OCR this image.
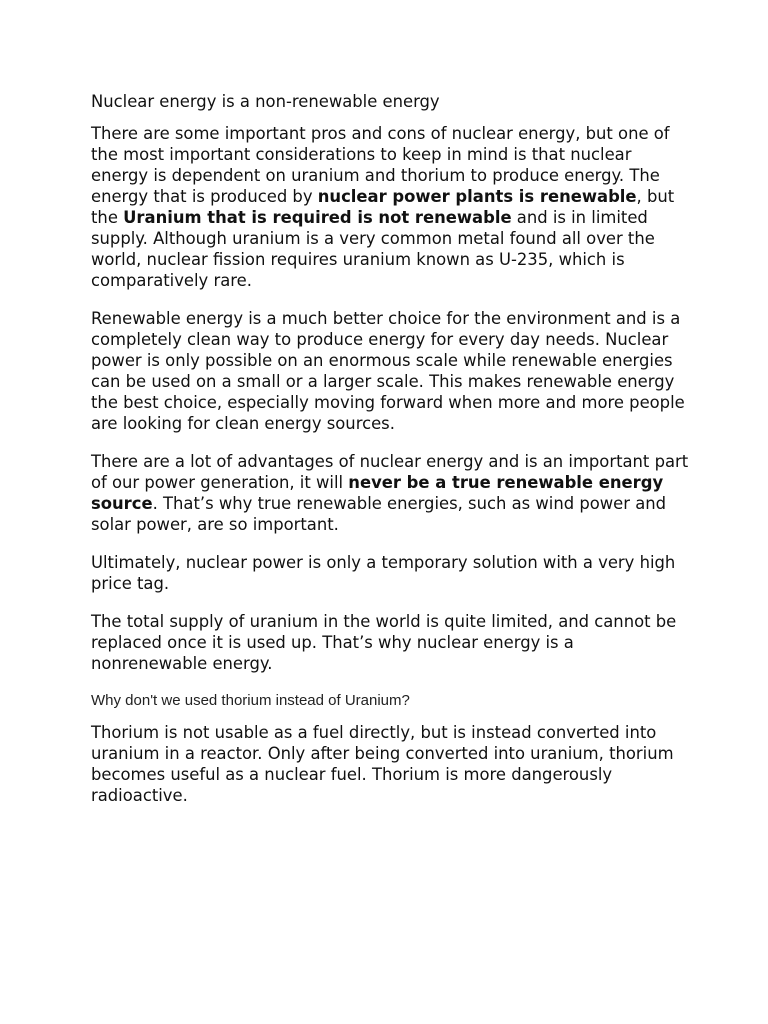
Nuclear energy is a non-renewable energy

There are some important pros and cons of nuclear energy, but one of the most important considerations to keep in mind is that nuclear energy is dependent on uranium and thorium to produce energy. The energy that is produced by nuclear power plants is renewable, but the Uranium that is required is not renewable and is in limited supply. Although uranium is a very common metal found all over the world, nuclear fission requires uranium known as U-235, which is comparatively rare.

Renewable energy is a much better choice for the environment and is a completely clean way to produce energy for every day needs. Nuclear power is only possible on an enormous scale while renewable energies can be used on a small or a larger scale. This makes renewable energy the best choice, especially moving forward when more and more people are looking for clean energy sources.

There are a lot of advantages of nuclear energy and is an important part of our power generation, it will never be a true renewable energy source. That’s why true renewable energies, such as wind power and solar power, are so important.

Ultimately, nuclear power is only a temporary solution with a very high price tag.

The total supply of uranium in the world is quite limited, and cannot be replaced once it is used up. That’s why nuclear energy is a nonrenewable energy.

Why don't we used thorium instead of Uranium?

Thorium is not usable as a fuel directly, but is instead converted into uranium in a reactor. Only after being converted into uranium, thorium becomes useful as a nuclear fuel. Thorium is more dangerously radioactive.
